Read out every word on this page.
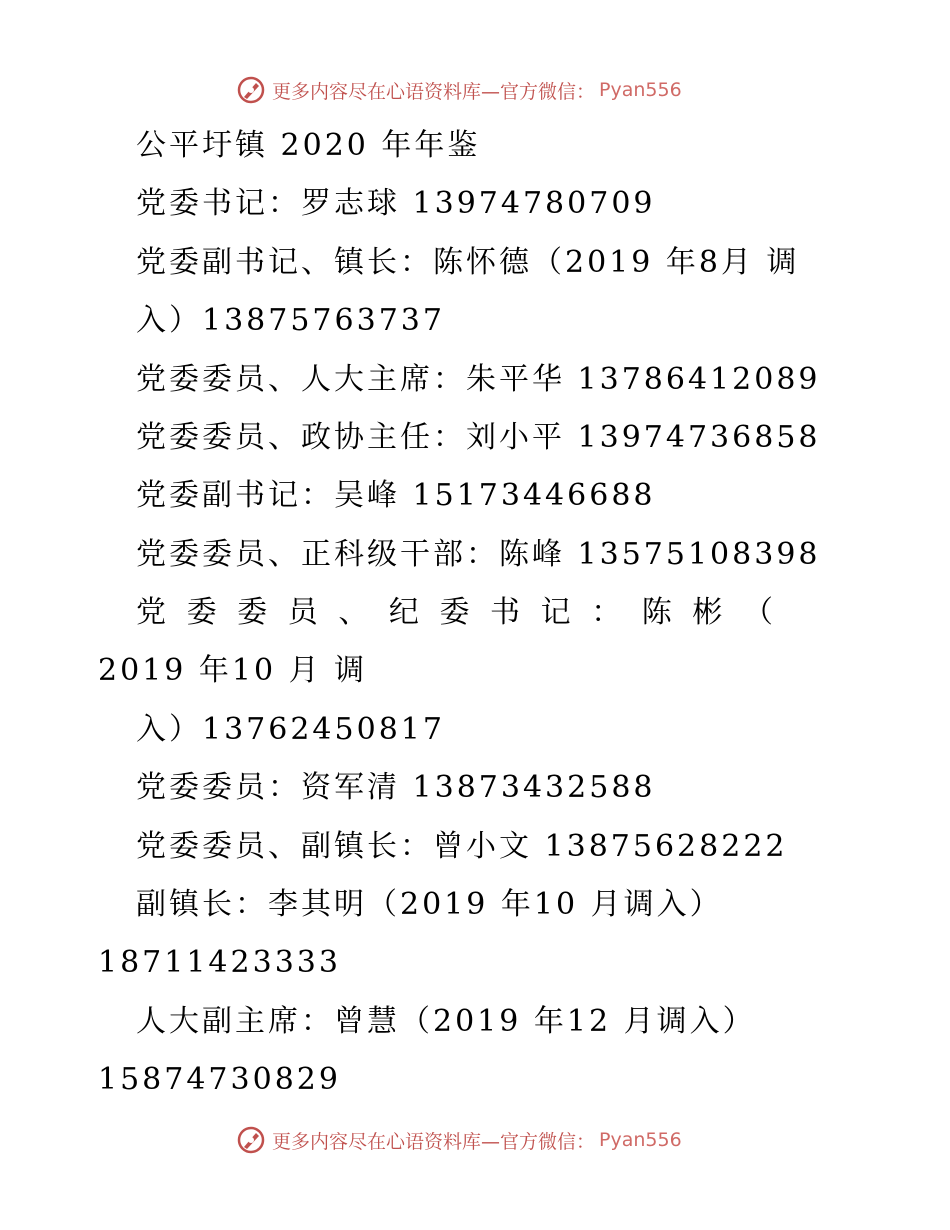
更多内容尽在心语资料库—官方微信： Pyan556
公平圩镇 2020 年年鉴
党委书记：罗志球 13974780709
党委副书记、镇长：陈怀德（2019 年8月 调
入）13875763737
党委委员、人大主席：朱平华 13786412089
党委委员、政协主任：刘小平 13974736858
党委副书记：吴峰 15173446688
党委委员、正科级干部：陈峰 13575108398
党 委 委 员 、 纪 委 书 记 ： 陈 彬 （
2019 年10 月 调
入）13762450817
党委委员：资军清 13873432588
党委委员、副镇长：曾小文 13875628222
副镇长：李其明（2019 年10 月调入）
18711423333
人大副主席：曾慧（2019 年12 月调入）
15874730829
更多内容尽在心语资料库—官方微信： Pyan556
